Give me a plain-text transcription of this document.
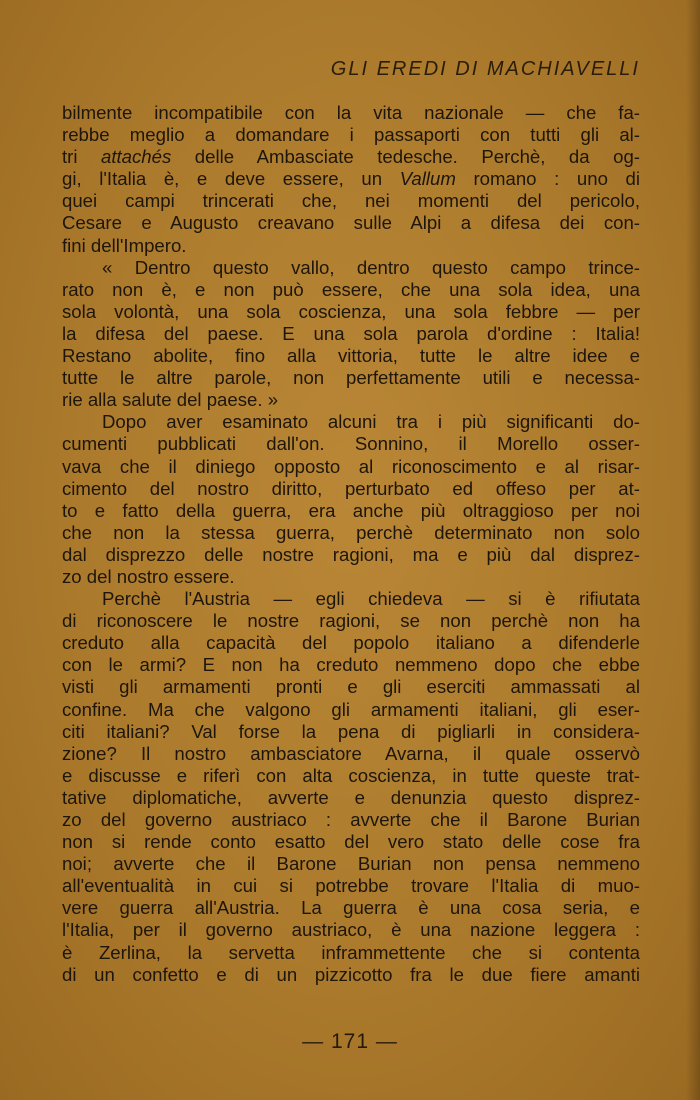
GLI EREDI DI MACHIAVELLI
bilmente incompatibile con la vita nazionale — che fa-
rebbe meglio a domandare i passaporti con tutti gli al-
tri attachés delle Ambasciate tedesche. Perchè, da og-
gi, l'Italia è, e deve essere, un Vallum romano : uno di
quei campi trincerati che, nei momenti del pericolo,
Cesare e Augusto creavano sulle Alpi a difesa dei con-
fini dell'Impero.
« Dentro questo vallo, dentro questo campo trince-
rato non è, e non può essere, che una sola idea, una
sola volontà, una sola coscienza, una sola febbre — per
la difesa del paese. E una sola parola d'ordine : Italia!
Restano abolite, fino alla vittoria, tutte le altre idee e
tutte le altre parole, non perfettamente utili e necessa-
rie alla salute del paese. »
Dopo aver esaminato alcuni tra i più significanti do-
cumenti pubblicati dall'on. Sonnino, il Morello osser-
vava che il diniego opposto al riconoscimento e al risar-
cimento del nostro diritto, perturbato ed offeso per at-
to e fatto della guerra, era anche più oltraggioso per noi
che non la stessa guerra, perchè determinato non solo
dal disprezzo delle nostre ragioni, ma e più dal disprez-
zo del nostro essere.
Perchè l'Austria — egli chiedeva — si è rifiutata
di riconoscere le nostre ragioni, se non perchè non ha
creduto alla capacità del popolo italiano a difenderle
con le armi? E non ha creduto nemmeno dopo che ebbe
visti gli armamenti pronti e gli eserciti ammassati al
confine. Ma che valgono gli armamenti italiani, gli eser-
citi italiani? Val forse la pena di pigliarli in considera-
zione? Il nostro ambasciatore Avarna, il quale osservò
e discusse e riferì con alta coscienza, in tutte queste trat-
tative diplomatiche, avverte e denunzia questo disprez-
zo del governo austriaco : avverte che il Barone Burian
non si rende conto esatto del vero stato delle cose fra
noi; avverte che il Barone Burian non pensa nemmeno
all'eventualità in cui si potrebbe trovare l'Italia di muo-
vere guerra all'Austria. La guerra è una cosa seria, e
l'Italia, per il governo austriaco, è una nazione leggera :
è Zerlina, la servetta inframmettente che si contenta
di un confetto e di un pizzicotto fra le due fiere amanti
— 171 —
